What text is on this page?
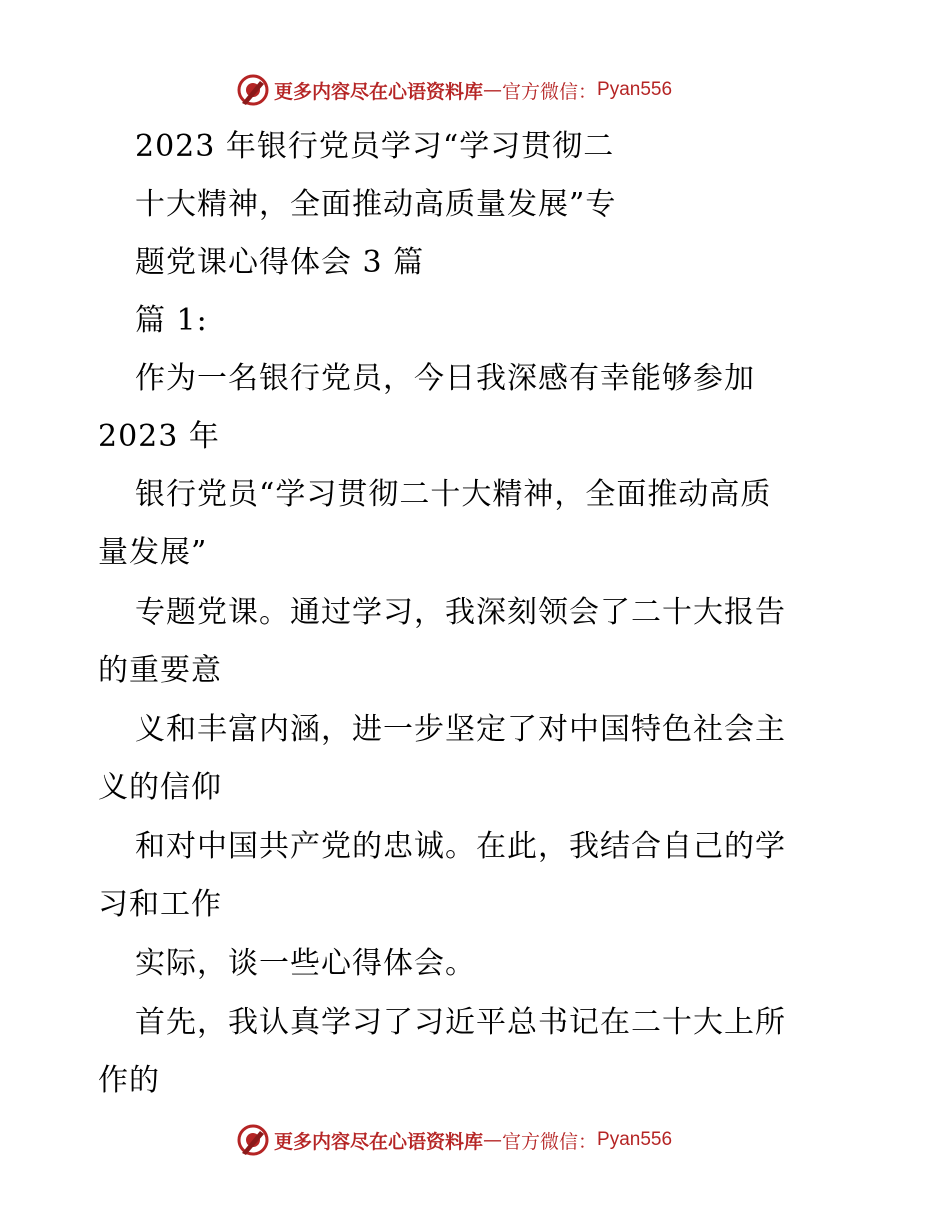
更多内容尽在心语资料库 — 官方微信： Pyan556
2023 年银行党员学习“学习贯彻二
十大精神，全面推动高质量发展”专
题党课心得体会 3 篇
篇 1:
作为一名银行党员，今日我深感有幸能够参加
2023 年
银行党员“学习贯彻二十大精神，全面推动高质
量发展”
专题党课。通过学习，我深刻领会了二十大报告
的重要意
义和丰富内涵，进一步坚定了对中国特色社会主
义的信仰
和对中国共产党的忠诚。在此，我结合自己的学
习和工作
实际，谈一些心得体会。
首先，我认真学习了习近平总书记在二十大上所
作的
更多内容尽在心语资料库 — 官方微信： Pyan556
